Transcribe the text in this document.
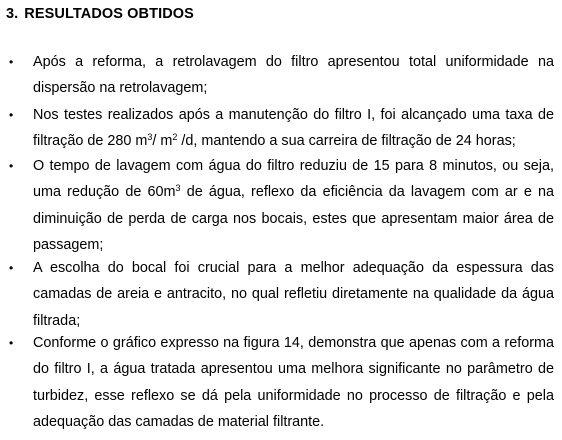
3. RESULTADOS OBTIDOS
• Após a reforma, a retrolavagem do filtro apresentou total uniformidade na dispersão na retrolavagem;

• Nos testes realizados após a manutenção do filtro I, foi alcançado uma taxa de filtração de 280 $m^3/$ $m^2$ /d, mantendo a sua carreira de filtração de 24 horas;

• O tempo de lavagem com água do filtro reduziu de 15 para 8 minutos, ou seja, uma redução de $60m^3$ de água, reflexo da eficiência da lavagem com ar e na diminuição de perda de carga nos bocais, estes que apresentam maior área de passagem;

• A escolha do bocal foi crucial para a melhor adequação da espessura das camadas de areia e antracito, no qual refletiu diretamente na qualidade da água filtrada;

• Conforme o gráfico expresso na figura 14, demonstra que apenas com a reforma do filtro I, a água tratada apresentou uma melhora significante no parâmetro de turbidez, esse reflexo se dá pela uniformidade no processo de filtração e pela adequação das camadas de material filtrante.
